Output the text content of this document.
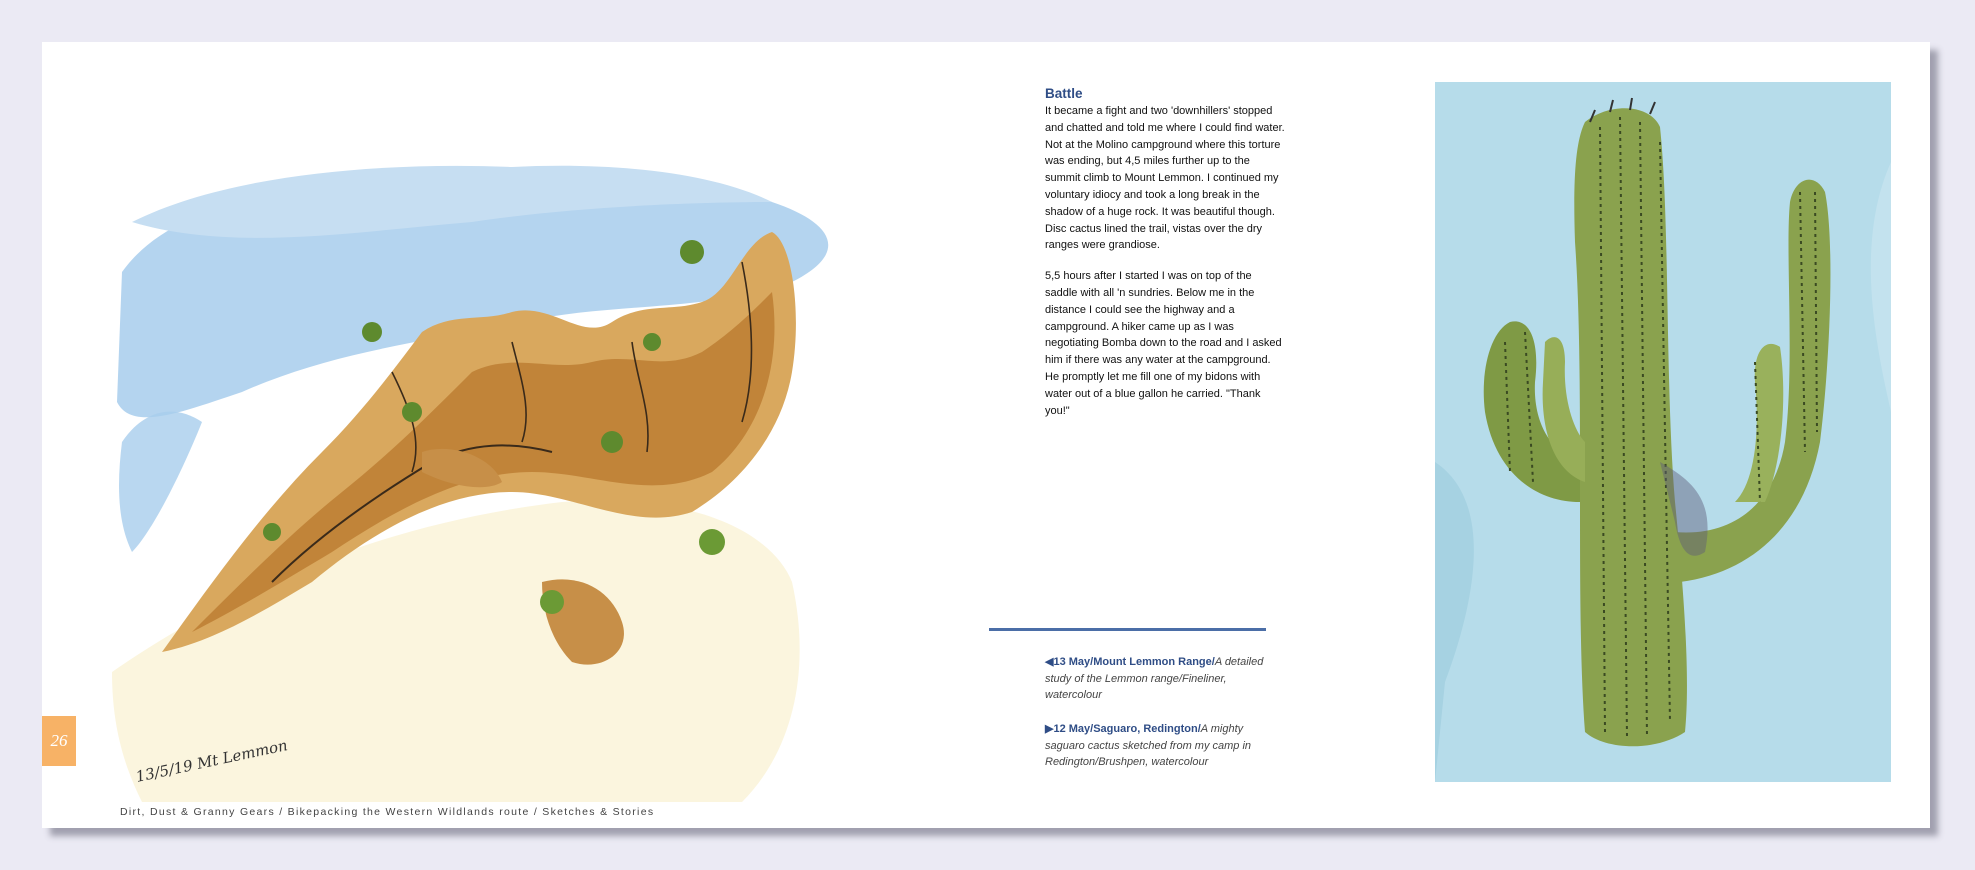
13/5/19 Mt Lemmon
26
Dirt, Dust & Granny Gears / Bikepacking the Western Wildlands route / Sketches & Stories
Battle

It became a fight and two 'downhillers' stopped and chatted and told me where I could find water. Not at the Molino campground where this torture was ending, but 4,5 miles further up to the summit climb to Mount Lemmon. I continued my voluntary idiocy and took a long break in the shadow of a huge rock. It was beautiful though. Disc cactus lined the trail, vistas over the dry ranges were grandiose.

5,5 hours after I started I was on top of the saddle with all 'n sundries. Below me in the distance I could see the highway and a campground. A hiker came up as I was negotiating Bomba down to the road and I asked him if there was any water at the campground. He promptly let me fill one of my bidons with water out of a blue gallon he carried. "Thank you!"

◀13 May/Mount Lemmon Range/A detailed study of the Lemmon range/Fineliner, watercolour
▶12 May/Saguaro, Redington/A mighty saguaro cactus sketched from my camp in Redington/Brushpen, watercolour
